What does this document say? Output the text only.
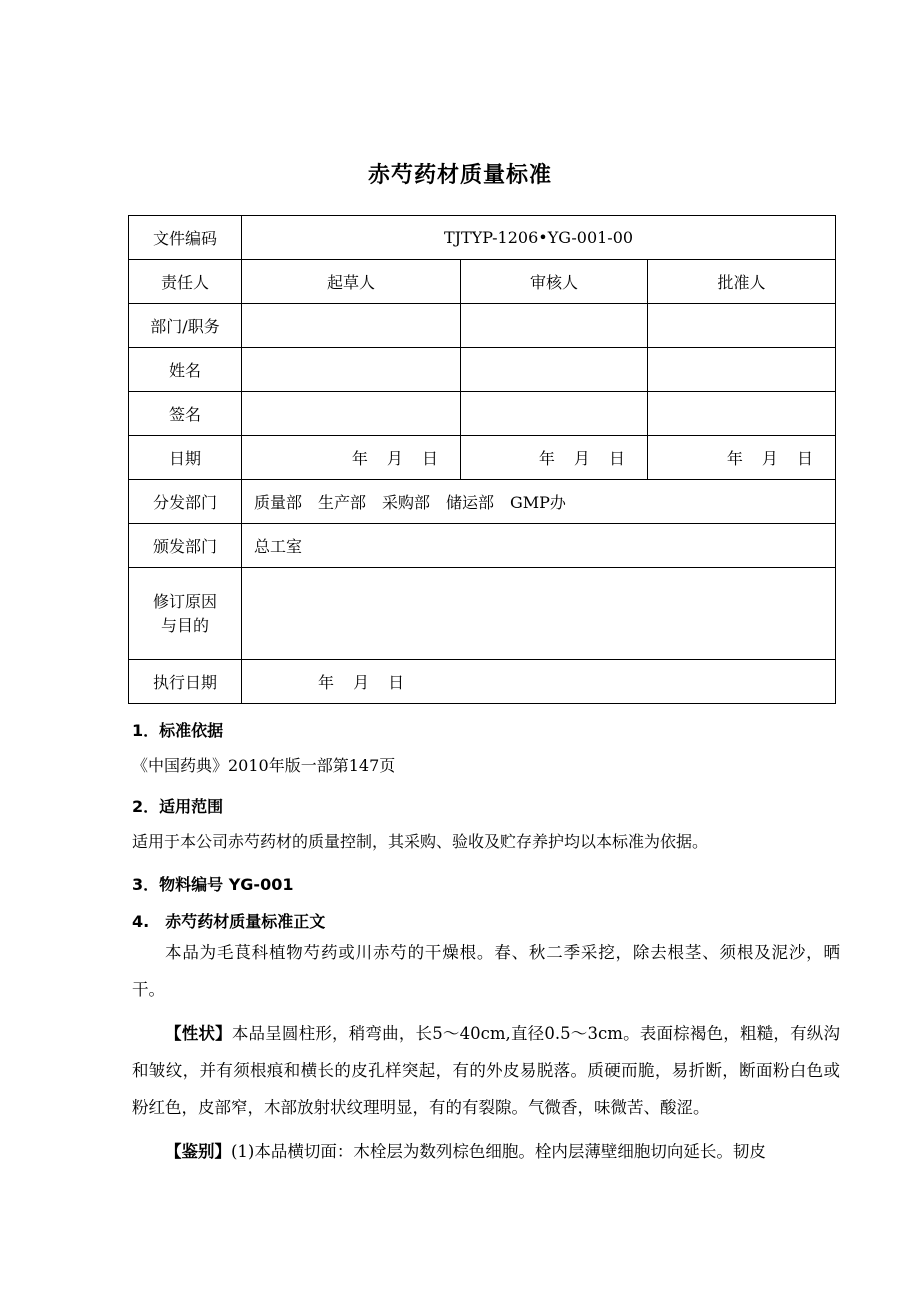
赤芍药材质量标准
文件编码	TJTYP-1206•YG-001-00		
责任人	起草人	审核人	批准人
部门/职务			
姓名			
签名			
日期	年 月 日	年 月 日	年 月 日
分发部门	质量部　生产部　采购部　储运部　GMP办		
颁发部门	总工室		

修订原因
与目的			

执行日期	年 月 日		
1．标准依据
《中国药典》2010年版一部第147页
2．适用范围
适用于本公司赤芍药材的质量控制，其采购、验收及贮存养护均以本标准为依据。
3．物料编号 YG-001
4.　赤芍药材质量标准正文

本品为毛茛科植物芍药或川赤芍的干燥根。春、秋二季采挖，除去根茎、须根及泥沙，晒干。

【性状】本品呈圆柱形，稍弯曲，长5～40cm,直径0.5～3cm。表面棕褐色，粗糙，有纵沟和皱纹，并有须根痕和横长的皮孔样突起，有的外皮易脱落。质硬而脆，易折断，断面粉白色或粉红色，皮部窄，木部放射状纹理明显，有的有裂隙。气微香，味微苦、酸涩。

【鉴别】(1)本品横切面：木栓层为数列棕色细胞。栓内层薄壁细胞切向延长。韧皮
